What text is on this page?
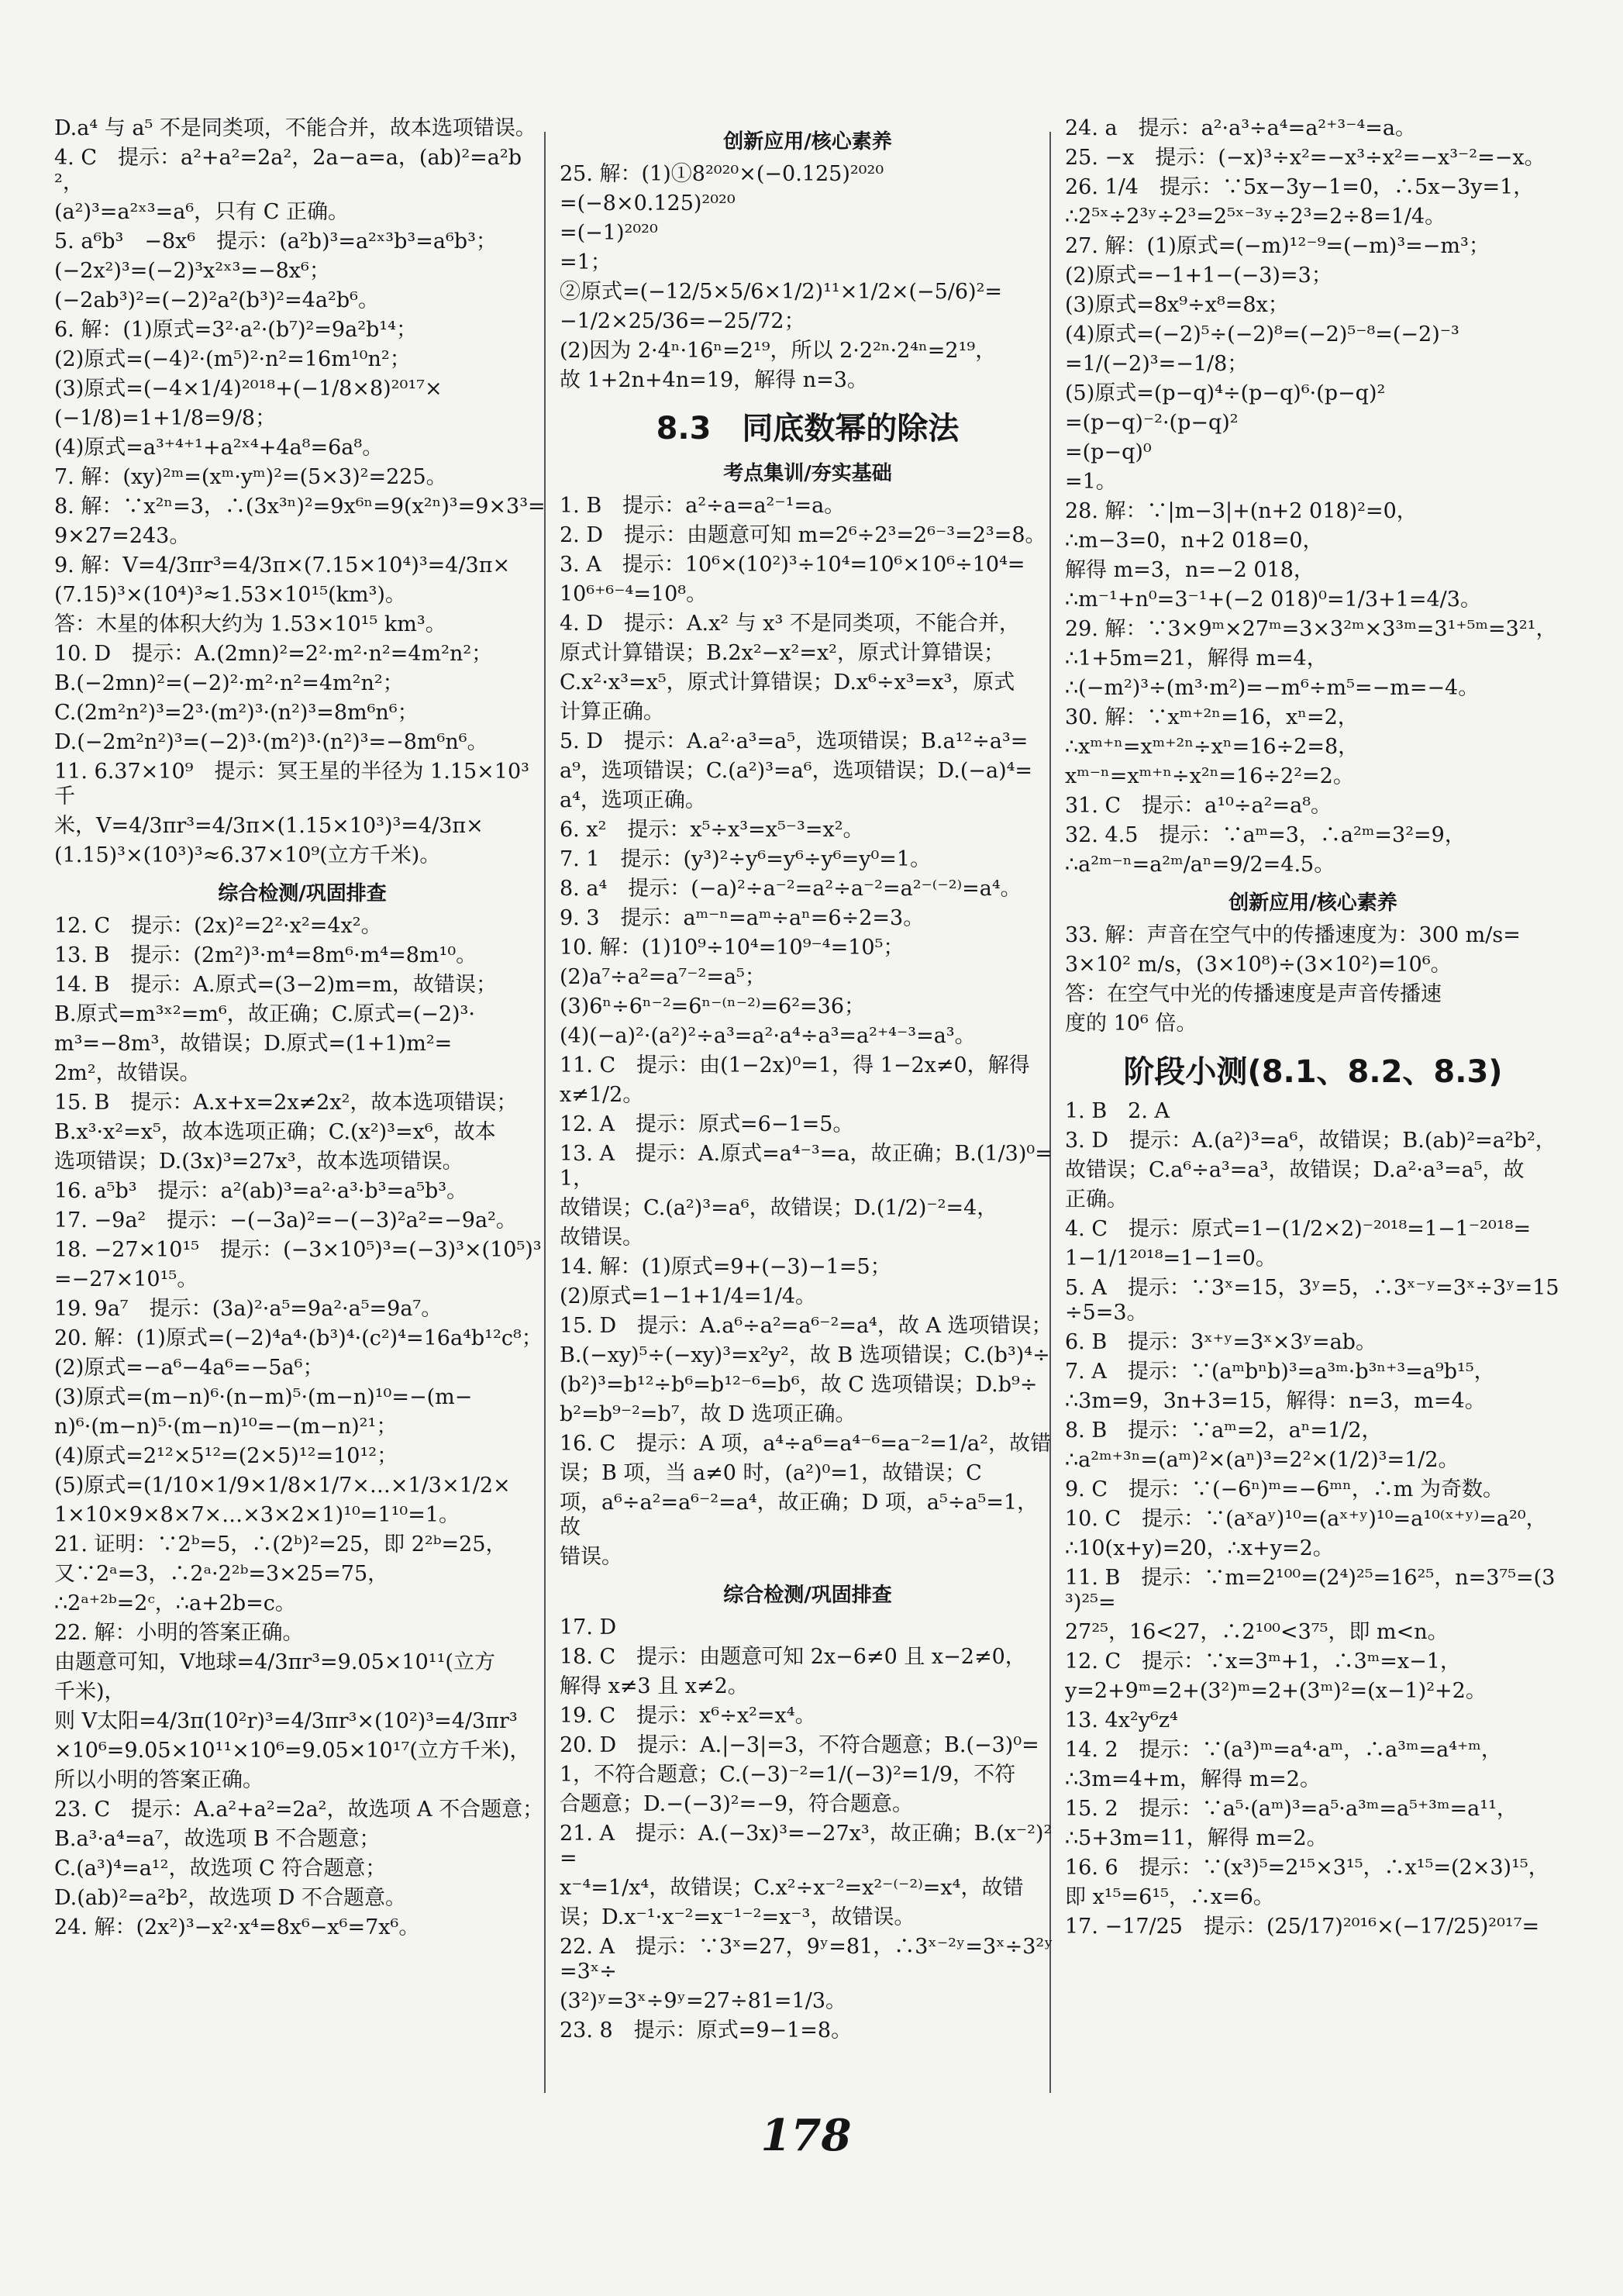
D.a⁴ 与 a⁵ 不是同类项，不能合并，故本选项错误。
4. C　提示：a²+a²=2a²，2a−a=a，(ab)²=a²b²，
(a²)³=a²ˣ³=a⁶，只有 C 正确。
5. a⁶b³　−8x⁶　提示：(a²b)³=a²ˣ³b³=a⁶b³；
(−2x²)³=(−2)³x²ˣ³=−8x⁶；
(−2ab³)²=(−2)²a²(b³)²=4a²b⁶。
6. 解：(1)原式=3²·a²·(b⁷)²=9a²b¹⁴；
(2)原式=(−4)²·(m⁵)²·n²=16m¹⁰n²；
(3)原式=(−4×1/4)²⁰¹⁸+(−1/8×8)²⁰¹⁷×
(−1/8)=1+1/8=9/8；
(4)原式=a³⁺⁴⁺¹+a²ˣ⁴+4a⁸=6a⁸。
7. 解：(xy)²ᵐ=(xᵐ·yᵐ)²=(5×3)²=225。
8. 解：∵x²ⁿ=3，∴(3x³ⁿ)²=9x⁶ⁿ=9(x²ⁿ)³=9×3³=
9×27=243。
9. 解：V=4/3πr³=4/3π×(7.15×10⁴)³=4/3π×
(7.15)³×(10⁴)³≈1.53×10¹⁵(km³)。
答：木星的体积大约为 1.53×10¹⁵ km³。
10. D　提示：A.(2mn)²=2²·m²·n²=4m²n²；
B.(−2mn)²=(−2)²·m²·n²=4m²n²；
C.(2m²n²)³=2³·(m²)³·(n²)³=8m⁶n⁶；
D.(−2m²n²)³=(−2)³·(m²)³·(n²)³=−8m⁶n⁶。
11. 6.37×10⁹　提示：冥王星的半径为 1.15×10³ 千
米，V=4/3πr³=4/3π×(1.15×10³)³=4/3π×
(1.15)³×(10³)³≈6.37×10⁹(立方千米)。
综合检测/巩固排查
12. C　提示：(2x)²=2²·x²=4x²。
13. B　提示：(2m²)³·m⁴=8m⁶·m⁴=8m¹⁰。
14. B　提示：A.原式=(3−2)m=m，故错误；
B.原式=m³ˣ²=m⁶，故正确；C.原式=(−2)³·
m³=−8m³，故错误；D.原式=(1+1)m²=
2m²，故错误。
15. B　提示：A.x+x=2x≠2x²，故本选项错误；
B.x³·x²=x⁵，故本选项正确；C.(x²)³=x⁶，故本
选项错误；D.(3x)³=27x³，故本选项错误。
16. a⁵b³　提示：a²(ab)³=a²·a³·b³=a⁵b³。
17. −9a²　提示：−(−3a)²=−(−3)²a²=−9a²。
18. −27×10¹⁵　提示：(−3×10⁵)³=(−3)³×(10⁵)³
=−27×10¹⁵。
19. 9a⁷　提示：(3a)²·a⁵=9a²·a⁵=9a⁷。
20. 解：(1)原式=(−2)⁴a⁴·(b³)⁴·(c²)⁴=16a⁴b¹²c⁸；
(2)原式=−a⁶−4a⁶=−5a⁶；
(3)原式=(m−n)⁶·(n−m)⁵·(m−n)¹⁰=−(m−
n)⁶·(m−n)⁵·(m−n)¹⁰=−(m−n)²¹；
(4)原式=2¹²×5¹²=(2×5)¹²=10¹²；
(5)原式=(1/10×1/9×1/8×1/7×…×1/3×1/2×
1×10×9×8×7×…×3×2×1)¹⁰=1¹⁰=1。
21. 证明：∵2ᵇ=5，∴(2ᵇ)²=25，即 2²ᵇ=25，
又∵2ᵃ=3，∴2ᵃ·2²ᵇ=3×25=75，
∴2ᵃ⁺²ᵇ=2ᶜ，∴a+2b=c。
22. 解：小明的答案正确。
由题意可知，V地球=4/3πr³=9.05×10¹¹(立方
千米)，
则 V太阳=4/3π(10²r)³=4/3πr³×(10²)³=4/3πr³
×10⁶=9.05×10¹¹×10⁶=9.05×10¹⁷(立方千米)，
所以小明的答案正确。
23. C　提示：A.a²+a²=2a²，故选项 A 不合题意；
B.a³·a⁴=a⁷，故选项 B 不合题意；
C.(a³)⁴=a¹²，故选项 C 符合题意；
D.(ab)²=a²b²，故选项 D 不合题意。
24. 解：(2x²)³−x²·x⁴=8x⁶−x⁶=7x⁶。
创新应用/核心素养
25. 解：(1)①8²⁰²⁰×(−0.125)²⁰²⁰
=(−8×0.125)²⁰²⁰
=(−1)²⁰²⁰
=1；
②原式=(−12/5×5/6×1/2)¹¹×1/2×(−5/6)²=
−1/2×25/36=−25/72；
(2)因为 2·4ⁿ·16ⁿ=2¹⁹，所以 2·2²ⁿ·2⁴ⁿ=2¹⁹，
故 1+2n+4n=19，解得 n=3。
8.3　同底数幂的除法
考点集训/夯实基础
1. B　提示：a²÷a=a²⁻¹=a。
2. D　提示：由题意可知 m=2⁶÷2³=2⁶⁻³=2³=8。
3. A　提示：10⁶×(10²)³÷10⁴=10⁶×10⁶÷10⁴=
10⁶⁺⁶⁻⁴=10⁸。
4. D　提示：A.x² 与 x³ 不是同类项，不能合并，
原式计算错误；B.2x²−x²=x²，原式计算错误；
C.x²·x³=x⁵，原式计算错误；D.x⁶÷x³=x³，原式
计算正确。
5. D　提示：A.a²·a³=a⁵，选项错误；B.a¹²÷a³=
a⁹，选项错误；C.(a²)³=a⁶，选项错误；D.(−a)⁴=
a⁴，选项正确。
6. x²　提示：x⁵÷x³=x⁵⁻³=x²。
7. 1　提示：(y³)²÷y⁶=y⁶÷y⁶=y⁰=1。
8. a⁴　提示：(−a)²÷a⁻²=a²÷a⁻²=a²⁻⁽⁻²⁾=a⁴。
9. 3　提示：aᵐ⁻ⁿ=aᵐ÷aⁿ=6÷2=3。
10. 解：(1)10⁹÷10⁴=10⁹⁻⁴=10⁵；
(2)a⁷÷a²=a⁷⁻²=a⁵；
(3)6ⁿ÷6ⁿ⁻²=6ⁿ⁻⁽ⁿ⁻²⁾=6²=36；
(4)(−a)²·(a²)²÷a³=a²·a⁴÷a³=a²⁺⁴⁻³=a³。
11. C　提示：由(1−2x)⁰=1，得 1−2x≠0，解得
x≠1/2。
12. A　提示：原式=6−1=5。
13. A　提示：A.原式=a⁴⁻³=a，故正确；B.(1/3)⁰=1，
故错误；C.(a²)³=a⁶，故错误；D.(1/2)⁻²=4，
故错误。
14. 解：(1)原式=9+(−3)−1=5；
(2)原式=1−1+1/4=1/4。
15. D　提示：A.a⁶÷a²=a⁶⁻²=a⁴，故 A 选项错误；
B.(−xy)⁵÷(−xy)³=x²y²，故 B 选项错误；C.(b³)⁴÷
(b²)³=b¹²÷b⁶=b¹²⁻⁶=b⁶，故 C 选项错误；D.b⁹÷
b²=b⁹⁻²=b⁷，故 D 选项正确。
16. C　提示：A 项，a⁴÷a⁶=a⁴⁻⁶=a⁻²=1/a²，故错
误；B 项，当 a≠0 时，(a²)⁰=1，故错误；C
项，a⁶÷a²=a⁶⁻²=a⁴，故正确；D 项，a⁵÷a⁵=1，故
错误。
综合检测/巩固排查
17. D
18. C　提示：由题意可知 2x−6≠0 且 x−2≠0，
解得 x≠3 且 x≠2。
19. C　提示：x⁶÷x²=x⁴。
20. D　提示：A.|−3|=3，不符合题意；B.(−3)⁰=
1，不符合题意；C.(−3)⁻²=1/(−3)²=1/9，不符
合题意；D.−(−3)²=−9，符合题意。
21. A　提示：A.(−3x)³=−27x³，故正确；B.(x⁻²)²=
x⁻⁴=1/x⁴，故错误；C.x²÷x⁻²=x²⁻⁽⁻²⁾=x⁴，故错
误；D.x⁻¹·x⁻²=x⁻¹⁻²=x⁻³，故错误。
22. A　提示：∵3ˣ=27，9ʸ=81，∴3ˣ⁻²ʸ=3ˣ÷3²ʸ=3ˣ÷
(3²)ʸ=3ˣ÷9ʸ=27÷81=1/3。
23. 8　提示：原式=9−1=8。
24. a　提示：a²·a³÷a⁴=a²⁺³⁻⁴=a。
25. −x　提示：(−x)³÷x²=−x³÷x²=−x³⁻²=−x。
26. 1/4　提示：∵5x−3y−1=0，∴5x−3y=1，
∴2⁵ˣ÷2³ʸ÷2³=2⁵ˣ⁻³ʸ÷2³=2÷8=1/4。
27. 解：(1)原式=(−m)¹²⁻⁹=(−m)³=−m³；
(2)原式=−1+1−(−3)=3；
(3)原式=8x⁹÷x⁸=8x；
(4)原式=(−2)⁵÷(−2)⁸=(−2)⁵⁻⁸=(−2)⁻³
=1/(−2)³=−1/8；
(5)原式=(p−q)⁴÷(p−q)⁶·(p−q)²
=(p−q)⁻²·(p−q)²
=(p−q)⁰
=1。
28. 解：∵|m−3|+(n+2 018)²=0，
∴m−3=0，n+2 018=0，
解得 m=3，n=−2 018，
∴m⁻¹+n⁰=3⁻¹+(−2 018)⁰=1/3+1=4/3。
29. 解：∵3×9ᵐ×27ᵐ=3×3²ᵐ×3³ᵐ=3¹⁺⁵ᵐ=3²¹，
∴1+5m=21，解得 m=4，
∴(−m²)³÷(m³·m²)=−m⁶÷m⁵=−m=−4。
30. 解：∵xᵐ⁺²ⁿ=16，xⁿ=2，
∴xᵐ⁺ⁿ=xᵐ⁺²ⁿ÷xⁿ=16÷2=8，
xᵐ⁻ⁿ=xᵐ⁺ⁿ÷x²ⁿ=16÷2²=2。
31. C　提示：a¹⁰÷a²=a⁸。
32. 4.5　提示：∵aᵐ=3，∴a²ᵐ=3²=9，
∴a²ᵐ⁻ⁿ=a²ᵐ/aⁿ=9/2=4.5。
创新应用/核心素养
33. 解：声音在空气中的传播速度为：300 m/s=
3×10² m/s，(3×10⁸)÷(3×10²)=10⁶。
答：在空气中光的传播速度是声音传播速
度的 10⁶ 倍。
阶段小测(8.1、8.2、8.3)
1. B　2. A
3. D　提示：A.(a²)³=a⁶，故错误；B.(ab)²=a²b²，
故错误；C.a⁶÷a³=a³，故错误；D.a²·a³=a⁵，故
正确。
4. C　提示：原式=1−(1/2×2)⁻²⁰¹⁸=1−1⁻²⁰¹⁸=
1−1/1²⁰¹⁸=1−1=0。
5. A　提示：∵3ˣ=15，3ʸ=5，∴3ˣ⁻ʸ=3ˣ÷3ʸ=15÷5=3。
6. B　提示：3ˣ⁺ʸ=3ˣ×3ʸ=ab。
7. A　提示：∵(aᵐbⁿb)³=a³ᵐ·b³ⁿ⁺³=a⁹b¹⁵，
∴3m=9，3n+3=15，解得：n=3，m=4。
8. B　提示：∵aᵐ=2，aⁿ=1/2，
∴a²ᵐ⁺³ⁿ=(aᵐ)²×(aⁿ)³=2²×(1/2)³=1/2。
9. C　提示：∵(−6ⁿ)ᵐ=−6ᵐⁿ，∴m 为奇数。
10. C　提示：∵(aˣaʸ)¹⁰=(aˣ⁺ʸ)¹⁰=a¹⁰⁽ˣ⁺ʸ⁾=a²⁰，
∴10(x+y)=20，∴x+y=2。
11. B　提示：∵m=2¹⁰⁰=(2⁴)²⁵=16²⁵，n=3⁷⁵=(3³)²⁵=
27²⁵，16<27，∴2¹⁰⁰<3⁷⁵，即 m<n。
12. C　提示：∵x=3ᵐ+1，∴3ᵐ=x−1，
y=2+9ᵐ=2+(3²)ᵐ=2+(3ᵐ)²=(x−1)²+2。
13. 4x²y⁶z⁴
14. 2　提示：∵(a³)ᵐ=a⁴·aᵐ，∴a³ᵐ=a⁴⁺ᵐ，
∴3m=4+m，解得 m=2。
15. 2　提示：∵a⁵·(aᵐ)³=a⁵·a³ᵐ=a⁵⁺³ᵐ=a¹¹，
∴5+3m=11，解得 m=2。
16. 6　提示：∵(x³)⁵=2¹⁵×3¹⁵，∴x¹⁵=(2×3)¹⁵，
即 x¹⁵=6¹⁵，∴x=6。
17. −17/25　提示：(25/17)²⁰¹⁶×(−17/25)²⁰¹⁷=
178
